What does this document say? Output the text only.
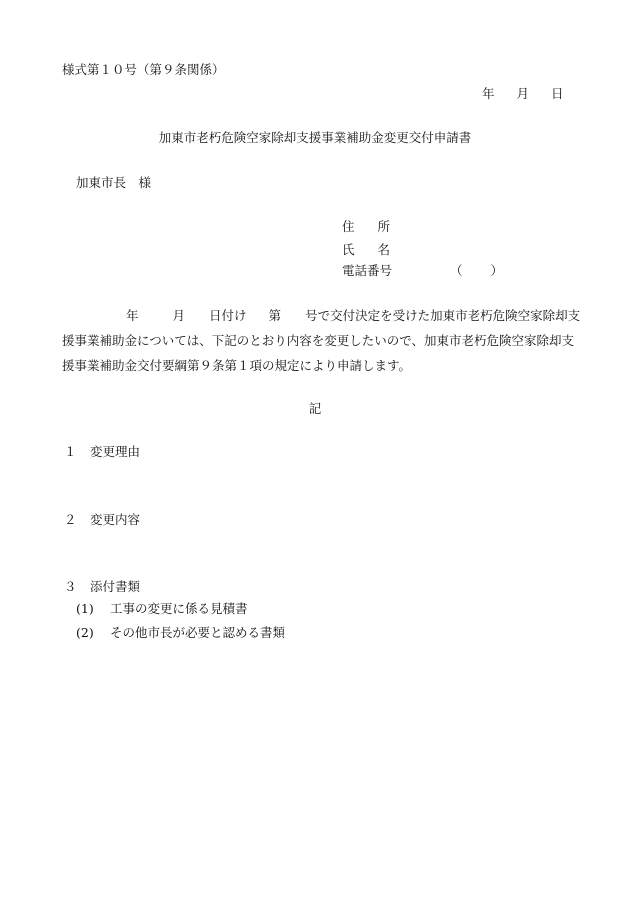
様式第１０号（第９条関係）
年 月 日
加東市老朽危険空家除却支援事業補助金変更交付申請書
加東市長　様
住所
氏名
電話番号	（ ）
年	月 日付け 第 号で交付決定を受けた加東市老朽危険空家除却支
援事業補助金については、下記のとおり内容を変更したいので、加東市老朽危険空家除却支
援事業補助金交付要綱第９条第１項の規定により申請します。
記
１ 変更理由
２ 変更内容
３ 添付書類
(1) 工事の変更に係る見積書
(2) その他市長が必要と認める書類
